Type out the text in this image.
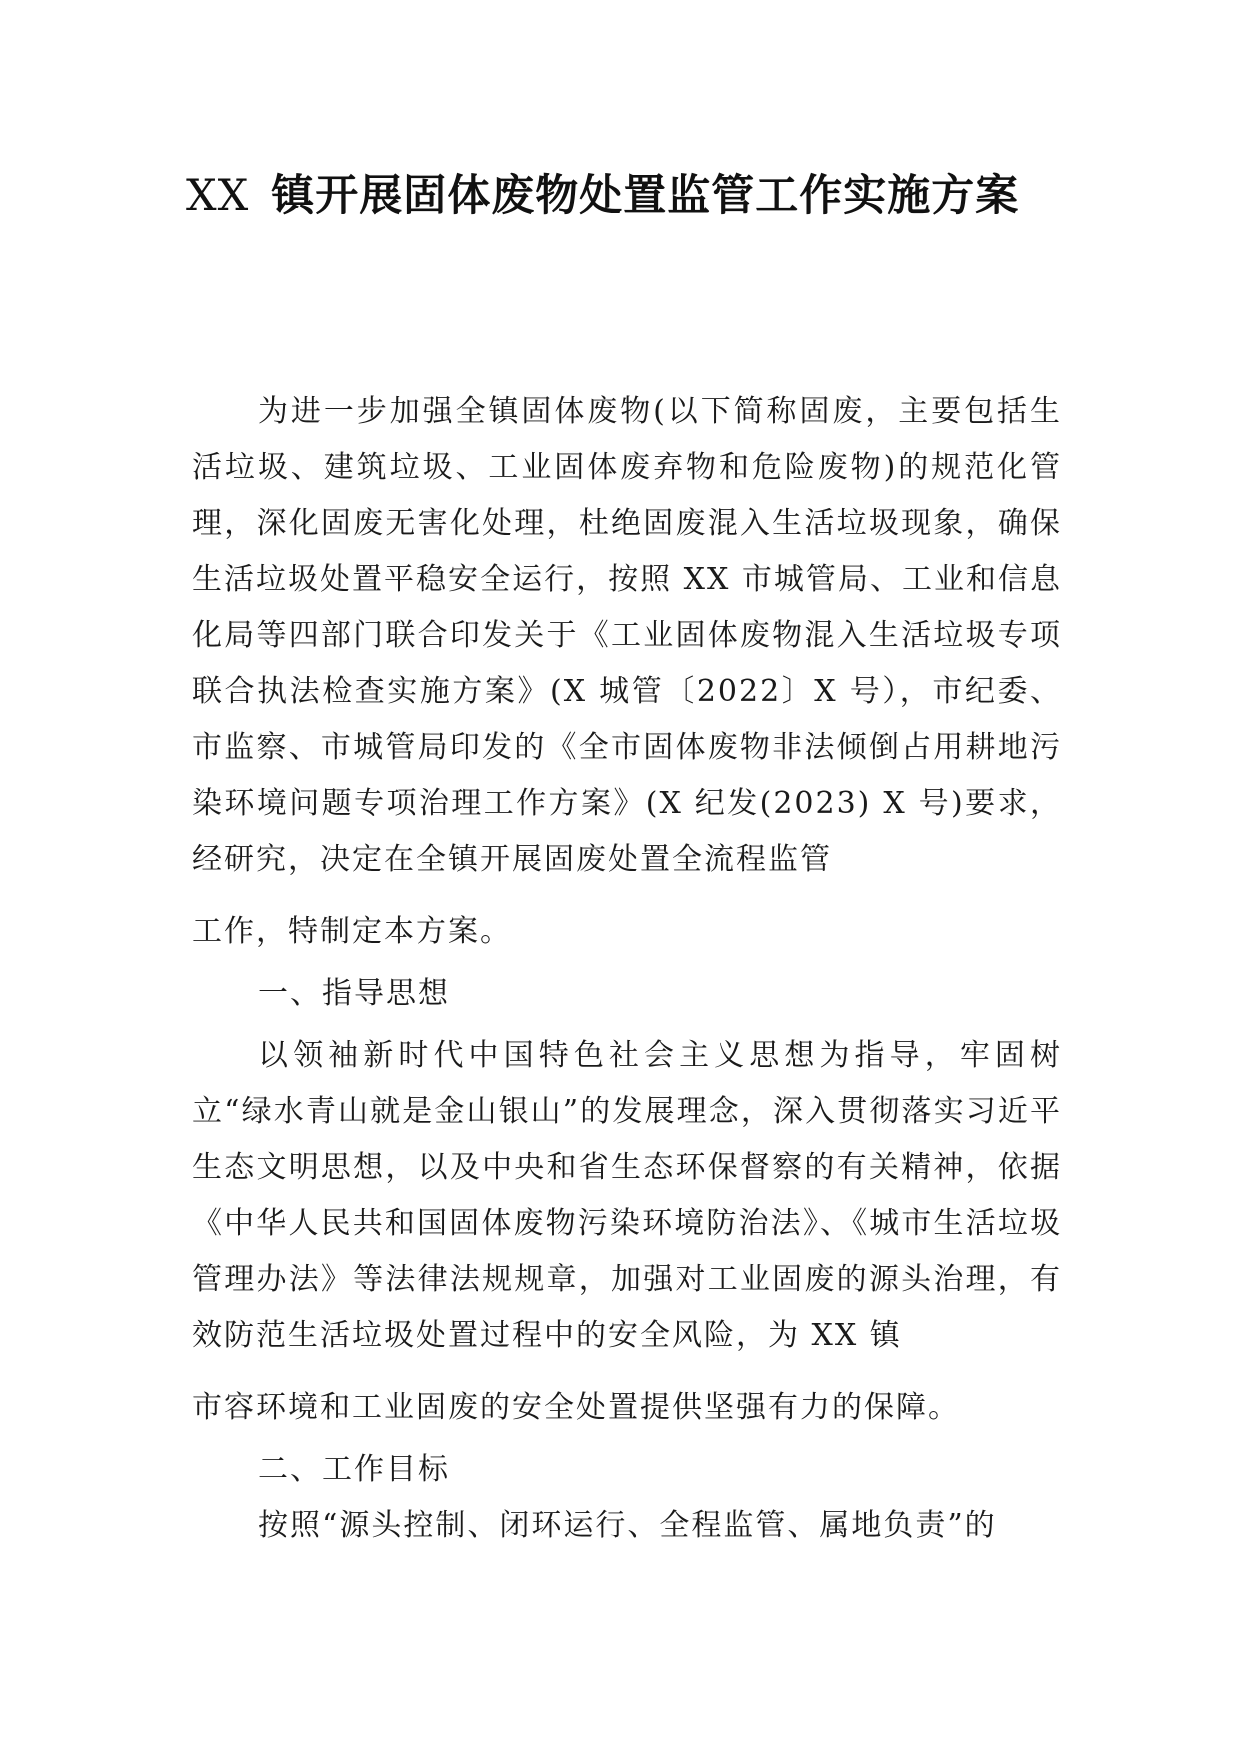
XX 镇开展固体废物处置监管工作实施方案

为进一步加强全镇固体废物(以下简称固废，主要包括生活垃圾、建筑垃圾、工业固体废弃物和危险废物)的规范化管理，深化固废无害化处理，杜绝固废混入生活垃圾现象，确保生活垃圾处置平稳安全运行，按照 XX 市城管局、工业和信息化局等四部门联合印发关于《工业固体废物混入生活垃圾专项联合执法检查实施方案》(X 城管〔2022〕X 号），市纪委、市监察、市城管局印发的《全市固体废物非法倾倒占用耕地污染环境问题专项治理工作方案》(X 纪发(2023) X 号)要求，经研究，决定在全镇开展固废处置全流程监管

工作，特制定本方案。

一、指导思想

以领袖新时代中国特色社会主义思想为指导，牢固树立“绿水青山就是金山银山”的发展理念，深入贯彻落实习近平生态文明思想，以及中央和省生态环保督察的有关精神，依据《中华人民共和国固体废物污染环境防治法》、《城市生活垃圾管理办法》等法律法规规章，加强对工业固废的源头治理，有效防范生活垃圾处置过程中的安全风险，为 XX 镇

市容环境和工业固废的安全处置提供坚强有力的保障。

二、工作目标

按照“源头控制、闭环运行、全程监管、属地负责”的
